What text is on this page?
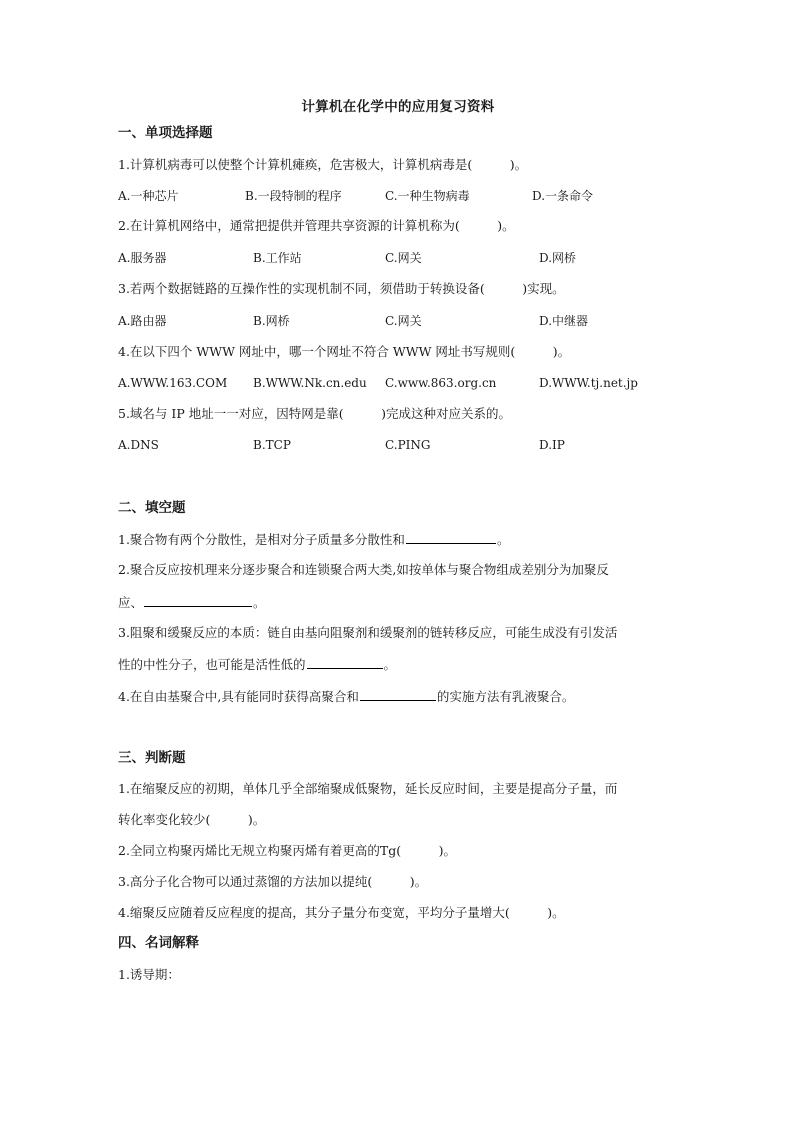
计算机在化学中的应用复习资料
一、单项选择题
1.计算机病毒可以使整个计算机瘫痪，危害极大，计算机病毒是(　　　)。
A.一种芯片	B.一段特制的程序	C.一种生物病毒	D.一条命令
2.在计算机网络中，通常把提供并管理共享资源的计算机称为(　　　)。
A.服务器	B.工作站	C.网关	D.网桥
3.若两个数据链路的互操作性的实现机制不同，须借助于转换设备(　　　)实现。
A.路由器	B.网桥	C.网关	D.中继器
4.在以下四个 WWW 网址中，哪一个网址不符合 WWW 网址书写规则(　　　)。
A.WWW.163.COM B.WWW.Nk.cn.edu C.www.863.org.cn	D.WWW.tj.net.jp
5.域名与 IP 地址一一对应，因特网是靠(　　　)完成这种对应关系的。
A.DNS	B.TCP	C.PING	D.IP
二、填空题
1.聚合物有两个分散性，是相对分子质量多分散性和	。
2.聚合反应按机理来分逐步聚合和连锁聚合两大类,如按单体与聚合物组成差别分为加聚反
应、	。
3.阻聚和缓聚反应的本质：链自由基向阻聚剂和缓聚剂的链转移反应，可能生成没有引发活
性的中性分子，也可能是活性低的	。
4.在自由基聚合中,具有能同时获得高聚合和	的实施方法有乳液聚合。
三、判断题
1.在缩聚反应的初期，单体几乎全部缩聚成低聚物，延长反应时间，主要是提高分子量，而
转化率变化较少(　　　)。
2.全同立构聚丙烯比无规立构聚丙烯有着更高的Tg(　　　)。
3.高分子化合物可以通过蒸馏的方法加以提纯(　　　)。
4.缩聚反应随着反应程度的提高，其分子量分布变宽，平均分子量增大(　　　)。
四、名词解释
1.诱导期：
